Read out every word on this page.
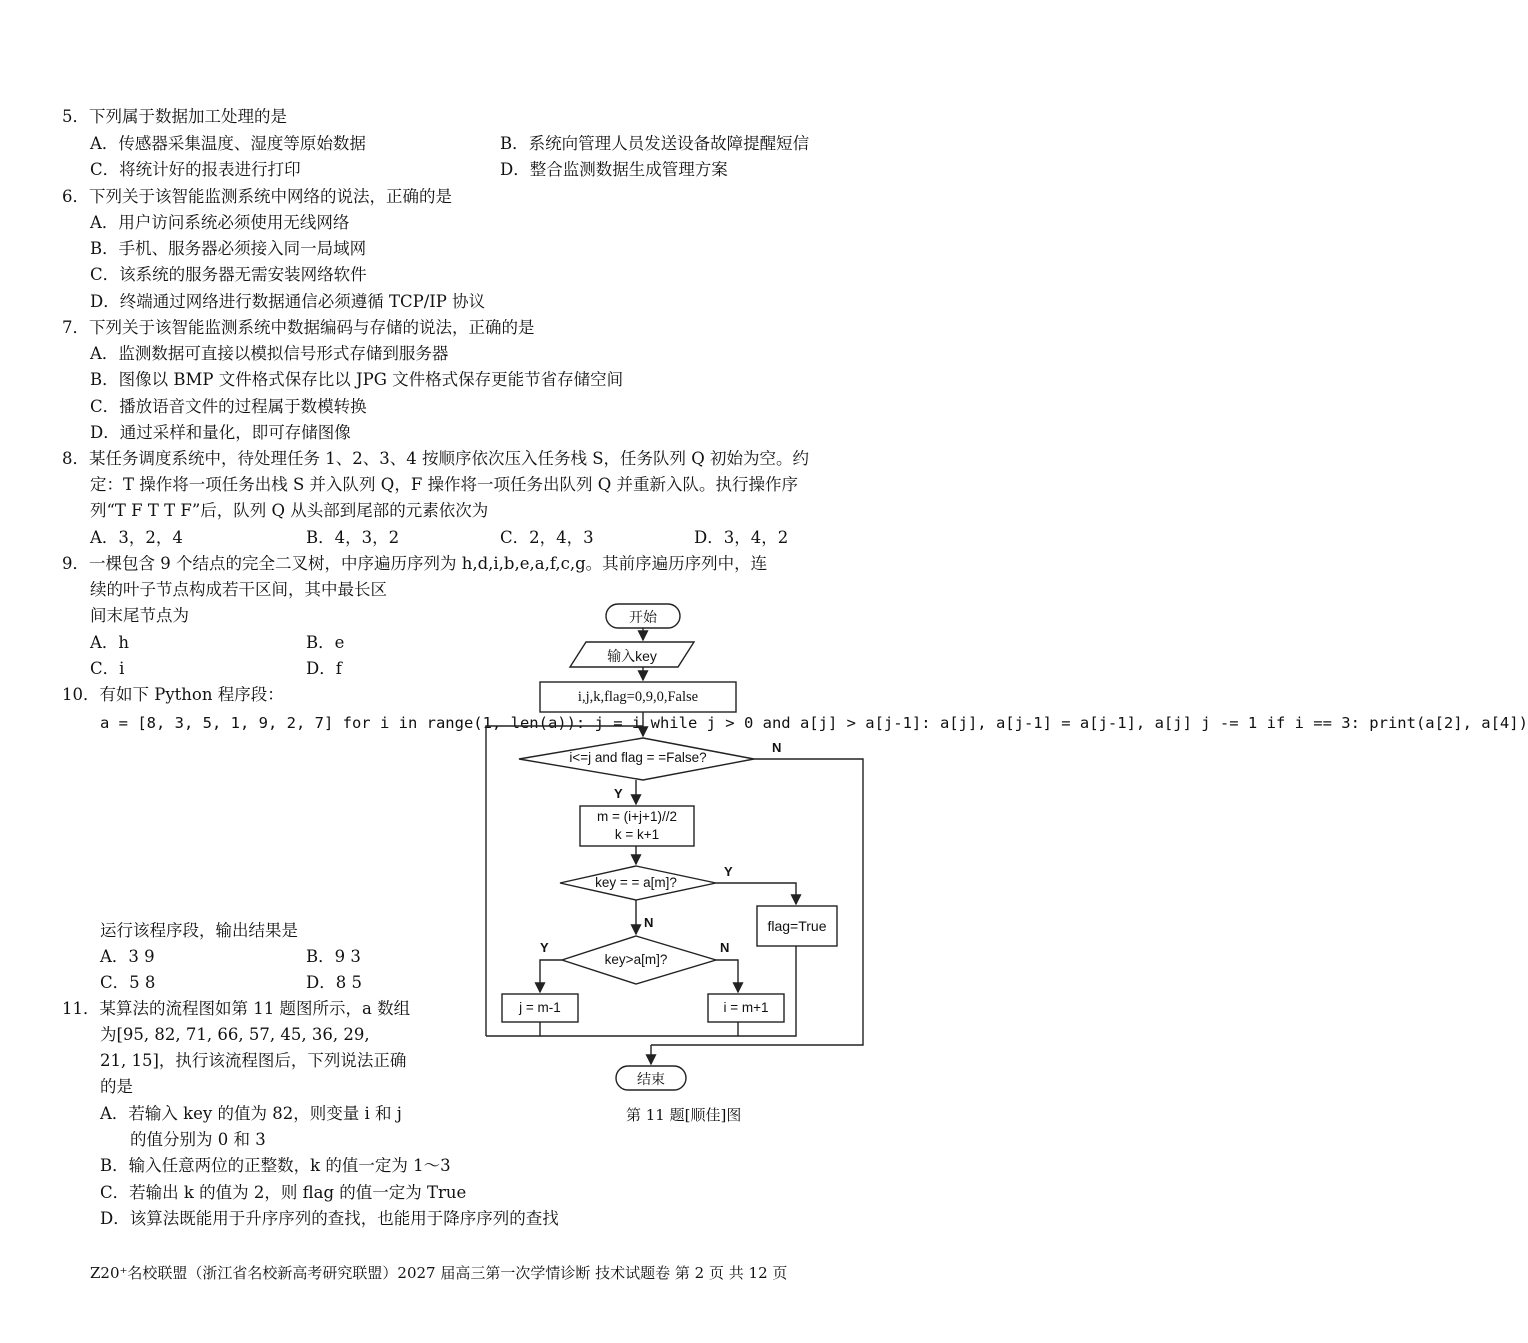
5．下列属于数据加工处理的是
A．传感器采集温度、湿度等原始数据	B．系统向管理人员发送设备故障提醒短信
C．将统计好的报表进行打印	D．整合监测数据生成管理方案
6．下列关于该智能监测系统中网络的说法，正确的是
A．用户访问系统必须使用无线网络
B．手机、服务器必须接入同一局域网
C．该系统的服务器无需安装网络软件
D．终端通过网络进行数据通信必须遵循 TCP/IP 协议
7．下列关于该智能监测系统中数据编码与存储的说法，正确的是
A．监测数据可直接以模拟信号形式存储到服务器
B．图像以 BMP 文件格式保存比以 JPG 文件格式保存更能节省存储空间
C．播放语音文件的过程属于数模转换
D．通过采样和量化，即可存储图像
8．某任务调度系统中，待处理任务 1、2、3、4 按顺序依次压入任务栈 S，任务队列 Q 初始为空。约
定：T 操作将一项任务出栈 S 并入队列 Q，F 操作将一项任务出队列 Q 并重新入队。执行操作序
列“T F T T F”后，队列 Q 从头部到尾部的元素依次为
A．3，2，4	B．4，3，2	C．2，4，3	D．3，4，2
9．一棵包含 9 个结点的完全二叉树，中序遍历序列为 h,d,i,b,e,a,f,c,g。其前序遍历序列中，连
续的叶子节点构成若干区间，其中最长区
间末尾节点为
A．h	B．e
C．i	D．f
10．有如下 Python 程序段：
a = [8, 3, 5, 1, 9, 2, 7] for i in range(1, len(a)): j = i while j > 0 and a[j] > a[j-1]: a[j], a[j-1] = a[j-1], a[j] j -= 1 if i == 3: print(a[2], a[4])
运行该程序段，输出结果是
A．3 9	B．9 3
C．5 8	D．8 5
11．某算法的流程图如第 11 题图所示，a 数组
为[95, 82, 71, 66, 57, 45, 36, 29,
21, 15]，执行该流程图后，下列说法正确
的是
A．若输入 key 的值为 82，则变量 i 和 j
的值分别为 0 和 3
B．输入任意两位的正整数，k 的值一定为 1～3
C．若输出 k 的值为 2，则 flag 的值一定为 True
D．该算法既能用于升序序列的查找，也能用于降序序列的查找
开始
输入key
i,j,k,flag=0,9,0,False
i<=j and flag = =False?
m = (i+j+1)//2
k = k+1
key = = a[m]?
flag=True
key>a[m]?
j = m-1	i = m+1
结束
N
Y
Y
N
Y	N
第 11 题[顺佳]图
Z20⁺名校联盟（浙江省名校新高考研究联盟）2027 届高三第一次学情诊断 技术试题卷 第 2 页 共 12 页
